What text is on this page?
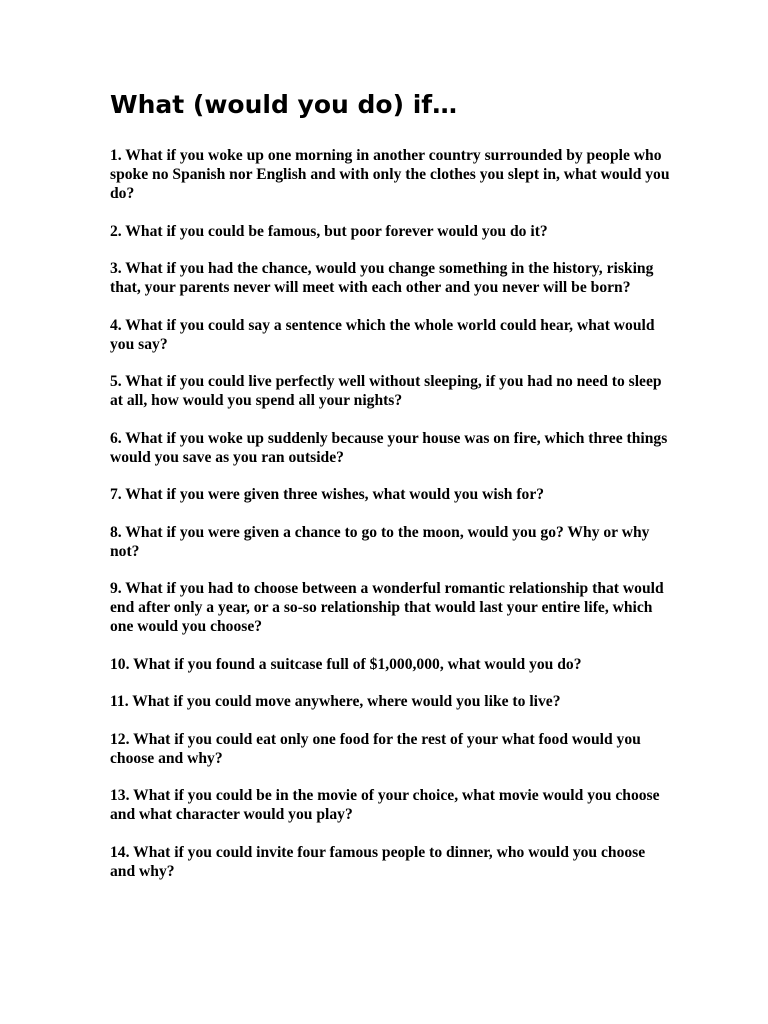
What (would you do) if…
1. What if you woke up one morning in another country surrounded by people who spoke no Spanish nor English and with only the clothes you slept in, what would you do?
2. What if you could be famous, but poor forever would you do it?
3. What if you had the chance, would you change something in the history, risking that, your parents never will meet with each other and you never will be born?
4. What if you could say a sentence which the whole world could hear, what would you say?
5. What if you could live perfectly well without sleeping, if you had no need to sleep at all, how would you spend all your nights?
6. What if you woke up suddenly because your house was on fire, which three things would you save as you ran outside?
7. What if you were given three wishes, what would you wish for?
8. What if you were given a chance to go to the moon, would you go? Why or why not?
9. What if you had to choose between a wonderful romantic relationship that would end after only a year, or a so-so relationship that would last your entire life, which one would you choose?
10. What if you found a suitcase full of $1,000,000, what would you do?
11. What if you could move anywhere, where would you like to live?
12. What if you could eat only one food for the rest of your what food would you choose and why?
13. What if you could be in the movie of your choice, what movie would you choose and what character would you play?
14. What if you could invite four famous people to dinner, who would you choose and why?
